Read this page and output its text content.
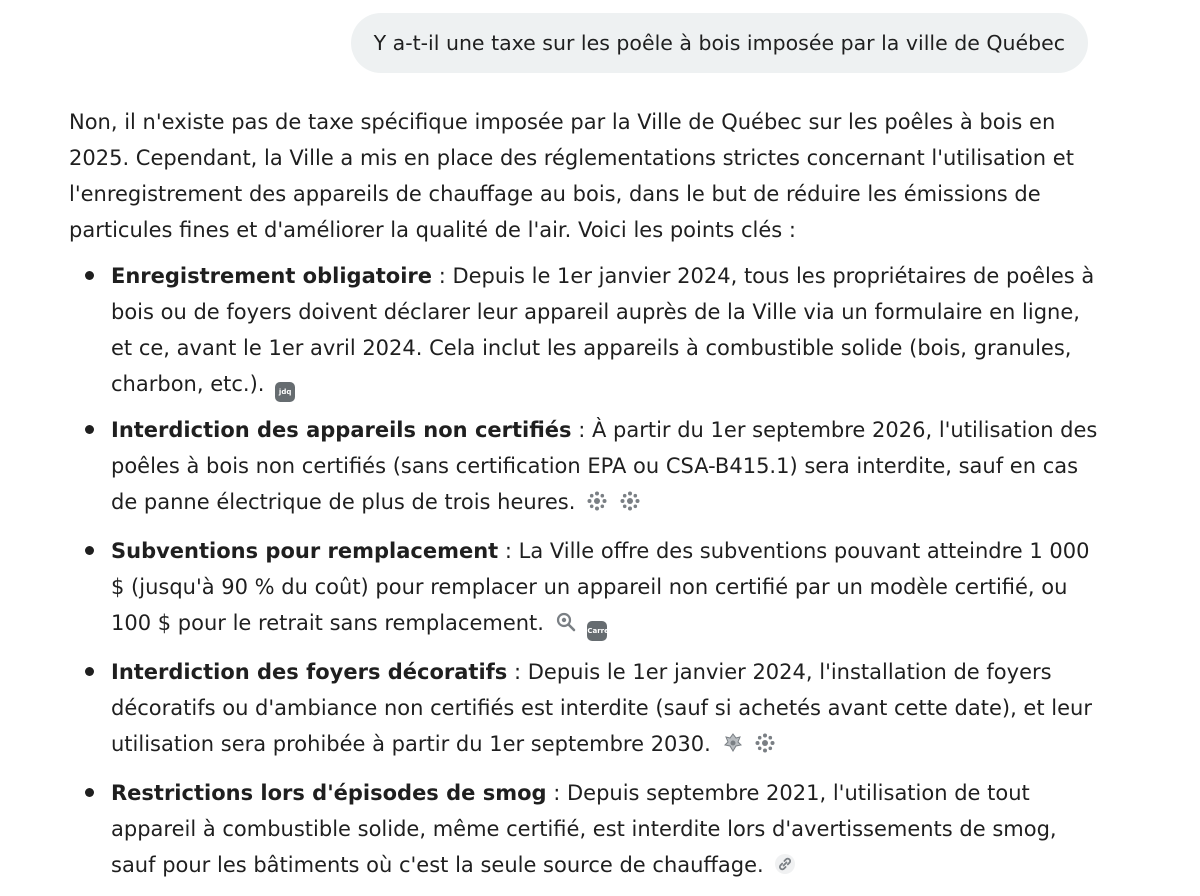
Y a-t-il une taxe sur les poêle à bois imposée par la ville de Québec

Non, il n'existe pas de taxe spécifique imposée par la Ville de Québec sur les poêles à bois en 2025. Cependant, la Ville a mis en place des réglementations strictes concernant l'utilisation et l'enregistrement des appareils de chauffage au bois, dans le but de réduire les émissions de particules fines et d'améliorer la qualité de l'air. Voici les points clés :

Enregistrement obligatoire : Depuis le 1er janvier 2024, tous les propriétaires de poêles à bois ou de foyers doivent déclarer leur appareil auprès de la Ville via un formulaire en ligne, et ce, avant le 1er avril 2024. Cela inclut les appareils à combustible solide (bois, granules, charbon, etc.). jdq
Interdiction des appareils non certifiés : À partir du 1er septembre 2026, l'utilisation des poêles à bois non certifiés (sans certification EPA ou CSA-B415.1) sera interdite, sauf en cas de panne électrique de plus de trois heures.
Subventions pour remplacement : La Ville offre des subventions pouvant atteindre 1 000 $ (jusqu'à 90 % du coût) pour remplacer un appareil non certifié par un modèle certifié, ou 100 $ pour le retrait sans remplacement.	Carrefour
Interdiction des foyers décoratifs : Depuis le 1er janvier 2024, l'installation de foyers décoratifs ou d'ambiance non certifiés est interdite (sauf si achetés avant cette date), et leur utilisation sera prohibée à partir du 1er septembre 2030.
Restrictions lors d'épisodes de smog : Depuis septembre 2021, l'utilisation de tout appareil à combustible solide, même certifié, est interdite lors d'avertissements de smog, sauf pour les bâtiments où c'est la seule source de chauffage.
